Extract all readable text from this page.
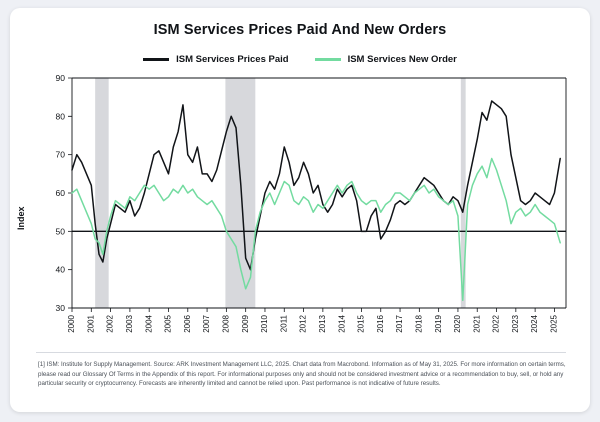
ISM Services Prices Paid And New Orders
ISM Services Prices Paid	ISM Services New Order
Index
30
40
50
60
70
80
90
2000 2001 2002 2003 2004 2005 2006 2007 2008 2009 2010 2011 2012 2013 2014 2015 2016 2017 2018 2019 2020 2021 2022 2023 2024 2025
[1] ISM: Institute for Supply Management. Source: ARK Investment Management LLC, 2025. Chart data from Macrobond. Information as of May 31, 2025. For more information on certain terms, please read our Glossary Of Terms in the Appendix of this report. For informational purposes only and should not be considered investment advice or a recommendation to buy, sell, or hold any particular security or cryptocurrency. Forecasts are inherently limited and cannot be relied upon. Past performance is not indicative of future results.
